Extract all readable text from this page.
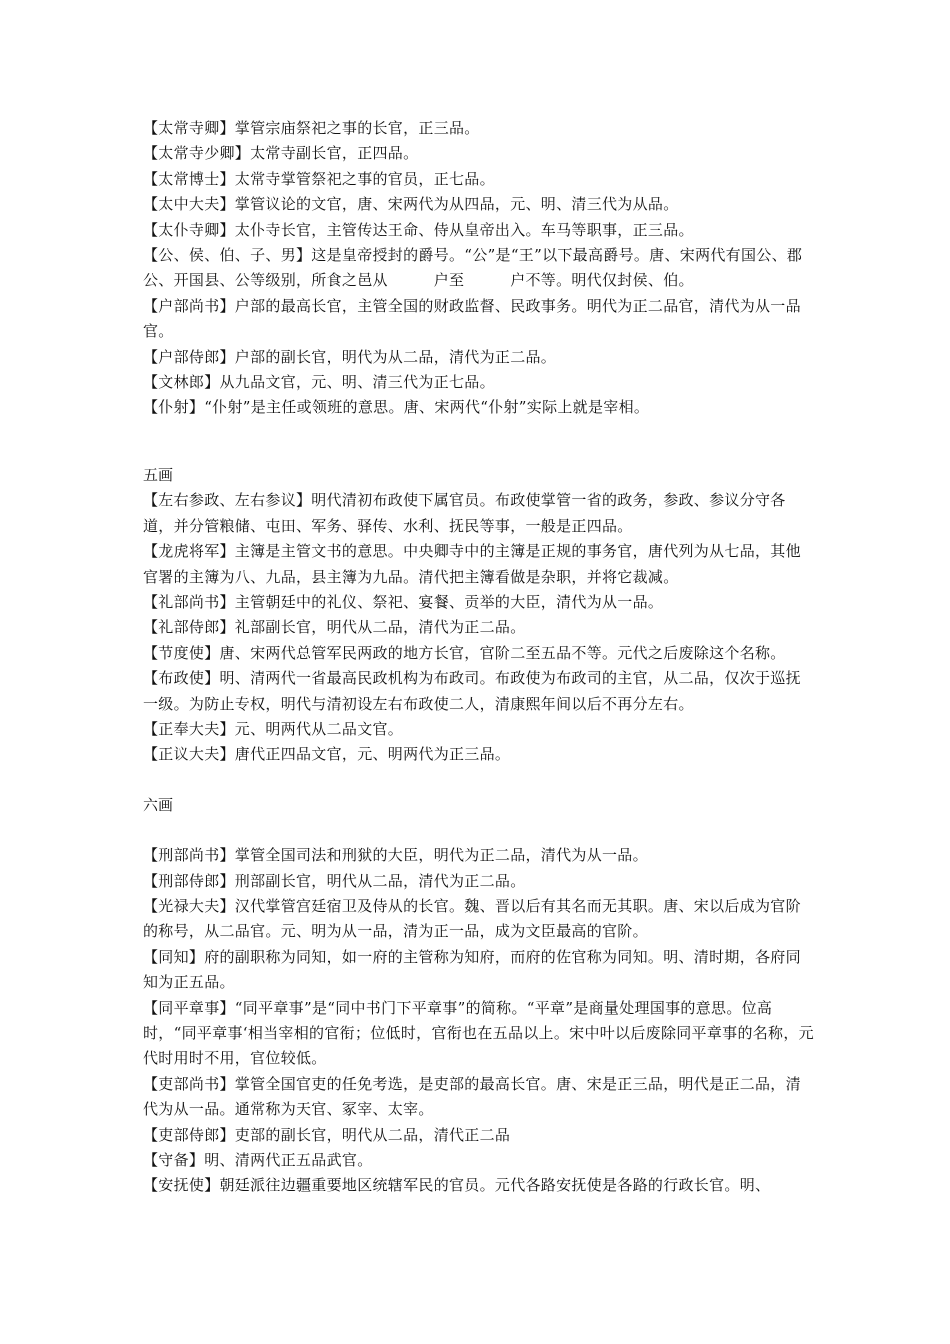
【太常寺卿】掌管宗庙祭祀之事的长官，正三品。

【太常寺少卿】太常寺副长官，正四品。

【太常博士】太常寺掌管祭祀之事的官员，正七品。

【太中大夫】掌管议论的文官，唐、宋两代为从四品，元、明、清三代为从品。

【太仆寺卿】太仆寺长官，主管传达王命、侍从皇帝出入。车马等职事，正三品。

【公、侯、伯、子、男】这是皇帝授封的爵号。“公”是“王”以下最高爵号。唐、宋两代有国公、郡公、开国县、公等级别，所食之邑从　　　户至　　　户不等。明代仅封侯、伯。

【户部尚书】户部的最高长官，主管全国的财政监督、民政事务。明代为正二品官，清代为从一品官。

【户部侍郎】户部的副长官，明代为从二品，清代为正二品。

【文林郎】从九品文官，元、明、清三代为正七品。

【仆射】“仆射”是主任或领班的意思。唐、宋两代“仆射”实际上就是宰相。

五画

【左右参政、左右参议】明代清初布政使下属官员。布政使掌管一省的政务，参政、参议分守各道，并分管粮储、屯田、军务、驿传、水利、抚民等事，一般是正四品。

【龙虎将军】主簿是主管文书的意思。中央卿寺中的主簿是正规的事务官，唐代列为从七品，其他官署的主簿为八、九品，县主簿为九品。清代把主簿看做是杂职，并将它裁减。

【礼部尚书】主管朝廷中的礼仪、祭祀、宴餐、贡举的大臣，清代为从一品。

【礼部侍郎】礼部副长官，明代从二品，清代为正二品。

【节度使】唐、宋两代总管军民两政的地方长官，官阶二至五品不等。元代之后废除这个名称。

【布政使】明、清两代一省最高民政机构为布政司。布政使为布政司的主官，从二品，仅次于巡抚一级。为防止专权，明代与清初设左右布政使二人，清康熙年间以后不再分左右。

【正奉大夫】元、明两代从二品文官。

【正议大夫】唐代正四品文官，元、明两代为正三品。

六画

【刑部尚书】掌管全国司法和刑狱的大臣，明代为正二品，清代为从一品。

【刑部侍郎】刑部副长官，明代从二品，清代为正二品。

【光禄大夫】汉代掌管宫廷宿卫及侍从的长官。魏、晋以后有其名而无其职。唐、宋以后成为官阶的称号，从二品官。元、明为从一品，清为正一品，成为文臣最高的官阶。

【同知】府的副职称为同知，如一府的主管称为知府，而府的佐官称为同知。明、清时期，各府同知为正五品。

【同平章事】“同平章事”是“同中书门下平章事”的简称。“平章”是商量处理国事的意思。位高时，“同平章事‘相当宰相的官衔；位低时，官衔也在五品以上。宋中叶以后废除同平章事的名称，元代时用时不用，官位较低。

【吏部尚书】掌管全国官吏的任免考选，是吏部的最高长官。唐、宋是正三品，明代是正二品，清代为从一品。通常称为天官、冢宰、太宰。

【吏部侍郎】吏部的副长官，明代从二品，清代正二品

【守备】明、清两代正五品武官。

【安抚使】朝廷派往边疆重要地区统辖军民的官员。元代各路安抚使是各路的行政长官。明、
